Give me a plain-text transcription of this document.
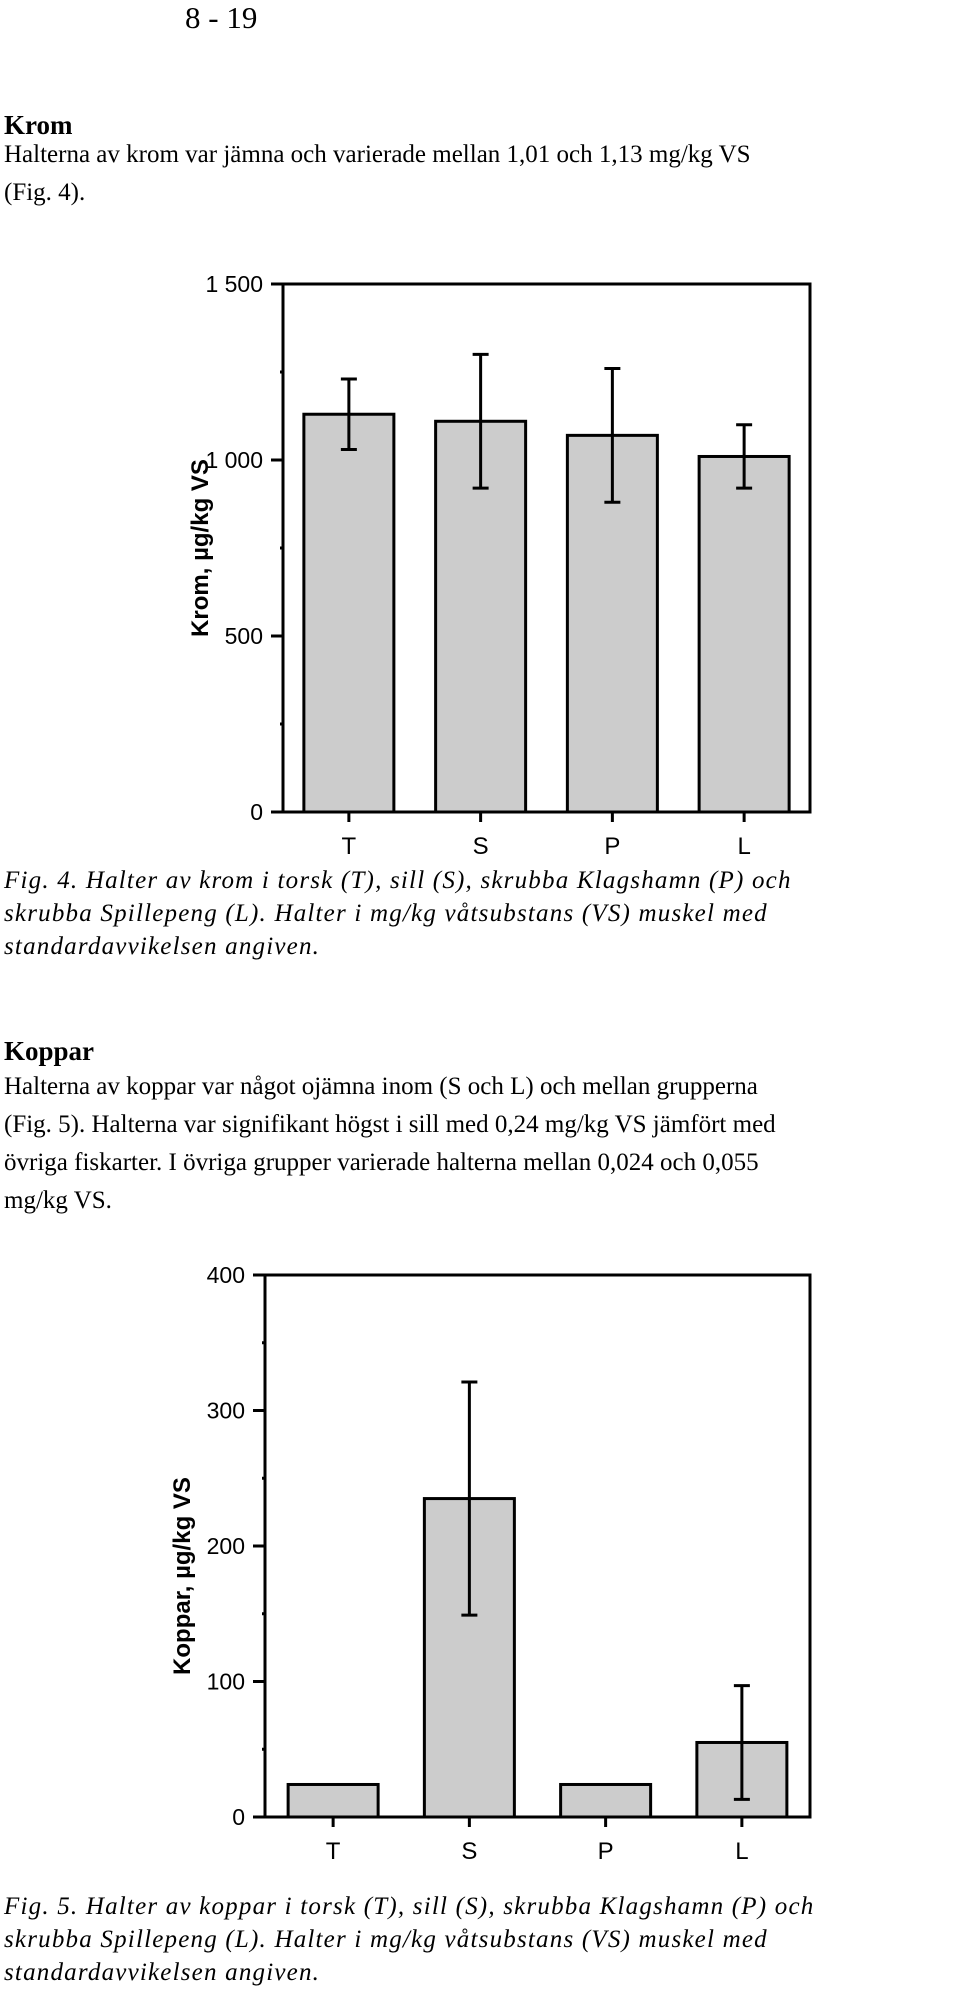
8 - 19
Krom
Halterna av krom var jämna och varierade mellan 1,01 och 1,13 mg/kg VS
(Fig. 4).
0
500
1 000
1 500
Krom, µg/kg VS
T	S	P	L
Fig. 4. Halter av krom i torsk (T), sill (S), skrubba Klagshamn (P) och
skrubba Spillepeng (L). Halter i mg/kg våtsubstans (VS) muskel med
standardavvikelsen angiven.
Koppar
Halterna av koppar var något ojämna inom (S och L) och mellan grupperna
(Fig. 5). Halterna var signifikant högst i sill med 0,24 mg/kg VS jämfört med
övriga fiskarter. I övriga grupper varierade halterna mellan 0,024 och 0,055
mg/kg VS.
0
100
200
300
400
Koppar, µg/kg VS
T	S	P	L
Fig. 5. Halter av koppar i torsk (T), sill (S), skrubba Klagshamn (P) och
skrubba Spillepeng (L). Halter i mg/kg våtsubstans (VS) muskel med
standardavvikelsen angiven.
